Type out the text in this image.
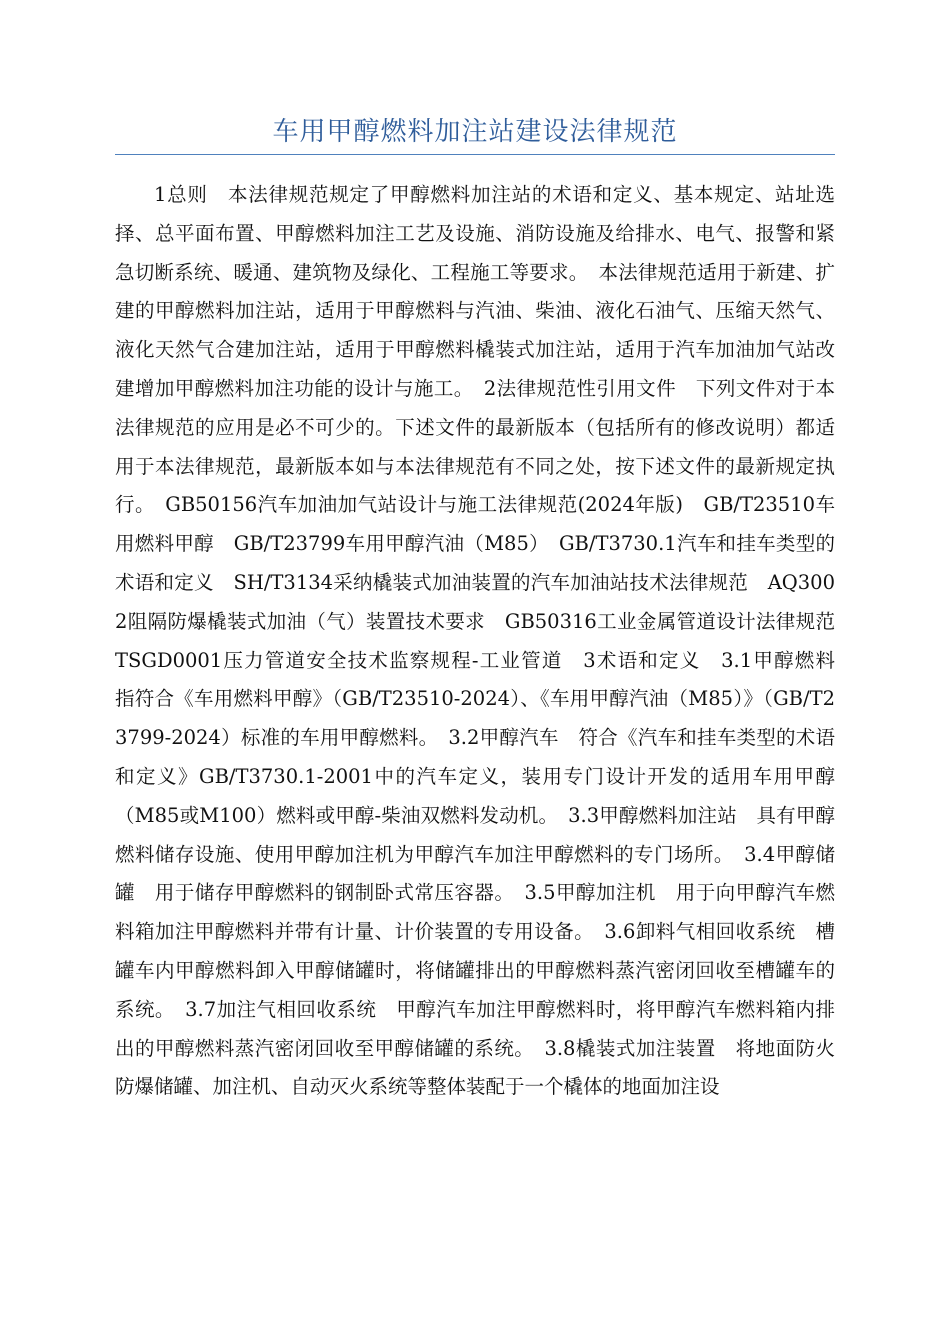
车用甲醇燃料加注站建设法律规范

1总则　本法律规范规定了甲醇燃料加注站的术语和定义、基本规定、站址选择、总平面布置、甲醇燃料加注工艺及设施、消防设施及给排水、电气、报警和紧急切断系统、暖通、建筑物及绿化、工程施工等要求。　本法律规范适用于新建、扩建的甲醇燃料加注站，适用于甲醇燃料与汽油、柴油、液化石油气、压缩天然气、液化天然气合建加注站，适用于甲醇燃料橇装式加注站，适用于汽车加油加气站改建增加甲醇燃料加注功能的设计与施工。　2法律规范性引用文件　下列文件对于本法律规范的应用是必不可少的。下述文件的最新版本（包括所有的修改说明）都适用于本法律规范，最新版本如与本法律规范有不同之处，按下述文件的最新规定执行。　GB50156汽车加油加气站设计与施工法律规范(2024年版)　GB/T23510车用燃料甲醇　GB/T23799车用甲醇汽油（M85）　GB/T3730.1汽车和挂车类型的术语和定义　SH/T3134采纳橇装式加油装置的汽车加油站技术法律规范　AQ3002阻隔防爆橇装式加油（气）装置技术要求　GB50316工业金属管道设计法律规范　TSGD0001压力管道安全技术监察规程-工业管道　3术语和定义　3.1甲醇燃料　指符合《车用燃料甲醇》（GB/T23510-2024）、《车用甲醇汽油（M85）》（GB/T23799-2024）标准的车用甲醇燃料。　3.2甲醇汽车　符合《汽车和挂车类型的术语和定义》GB/T3730.1-2001中的汽车定义，装用专门设计开发的适用车用甲醇（M85或M100）燃料或甲醇-柴油双燃料发动机。　3.3甲醇燃料加注站　具有甲醇燃料储存设施、使用甲醇加注机为甲醇汽车加注甲醇燃料的专门场所。　3.4甲醇储罐　用于储存甲醇燃料的钢制卧式常压容器。　3.5甲醇加注机　用于向甲醇汽车燃料箱加注甲醇燃料并带有计量、计价装置的专用设备。　3.6卸料气相回收系统　槽罐车内甲醇燃料卸入甲醇储罐时，将储罐排出的甲醇燃料蒸汽密闭回收至槽罐车的系统。　3.7加注气相回收系统　甲醇汽车加注甲醇燃料时，将甲醇汽车燃料箱内排出的甲醇燃料蒸汽密闭回收至甲醇储罐的系统。　3.8橇装式加注装置　将地面防火防爆储罐、加注机、自动灭火系统等整体装配于一个橇体的地面加注设
